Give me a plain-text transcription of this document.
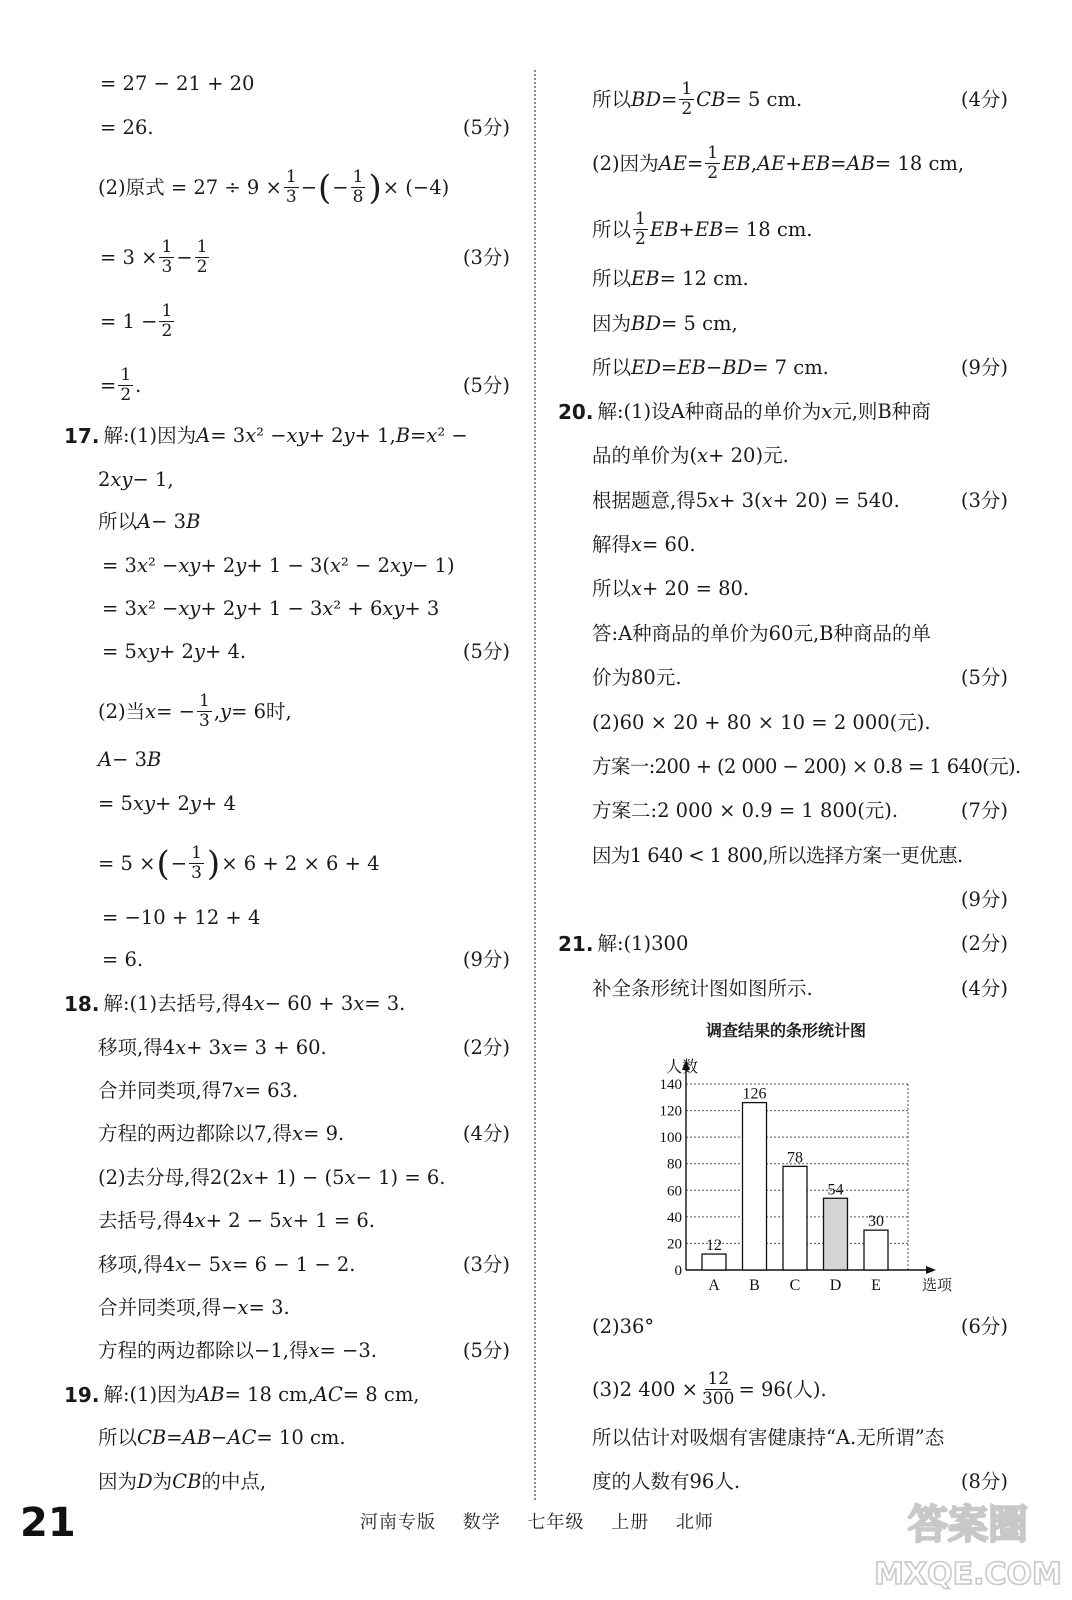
= 27 − 21 + 20
= 26.	(5分)
(2)原式 = $27 \div 9 \times \frac{1}{3}$ − ( − $\frac{1}{8}$ ) × (−4)
= $3 \times \frac{1}{3} - \frac{1}{2}$	(3分)
= $1 - \frac{1}{2}$
= $\frac{1}{2}$ .	(5分)
17. 解:(1)因为 A = 3 x ² − xy + 2 y + 1, B = x ² −
2 xy − 1,
所以 A − 3 B
= 3 x ² − xy + 2 y + 1 − 3( x ² − 2 xy − 1)
= 3 x ² − xy + 2 y + 1 − 3 x ² + 6 xy + 3
= 5 xy + 2 y + 4.	(5分)
(2)当 x = − $\frac{1}{3}$ , y = 6时,
A − 3 B
= 5 xy + 2 y + 4
= 5 × ( − $\frac{1}{3}$ ) × 6 + 2 × 6 + 4
= −10 + 12 + 4
= 6.	(9分)
18. 解:(1)去括号,得4 x − 60 + 3 x = 3.
移项,得4 x + 3 x = 3 + 60.	(2分)
合并同类项,得7 x = 63.
方程的两边都除以7,得 x = 9.	(4分)
(2)去分母,得2(2 x + 1) − (5 x − 1) = 6.
去括号,得4 x + 2 − 5 x + 1 = 6.
移项,得4 x − 5 x = 6 − 1 − 2.	(3分)
合并同类项,得− x = 3.
方程的两边都除以−1,得 x = −3.	(5分)
19. 解:(1)因为 AB = 18 cm, AC = 8 cm,
所以 CB = AB − AC = 10 cm.
因为 D 为 CB 的中点,
所以 BD = $\frac{1}{2}$ CB = 5 cm.	(4分)
(2)因为 AE = $\frac{1}{2}$ EB , AE + EB = AB = 18 cm,
所以 $\frac{1}{2}$ EB + EB = 18 cm.
所以 EB = 12 cm.
因为 BD = 5 cm,
所以 ED = EB − BD = 7 cm.	(9分)
20. 解:(1)设A种商品的单价为 x 元,则B种商
品的单价为( x + 20)元.
根据题意,得5 x + 3( x + 20) = 540.	(3分)
解得 x = 60.
所以 x + 20 = 80.
答:A种商品的单价为60元,B种商品的单
价为80元.	(5分)
(2)60 × 20 + 80 × 10 = 2 000(元).
方案一:200 + (2 000 − 200) × 0.8 = 1 640(元).
方案二:2 000 × 0.9 = 1 800(元).	(7分)
因为1 640 < 1 800,所以选择方案一更优惠.
(9分)
21. 解:(1)300	(2分)
补全条形统计图如图所示.	(4分)
(2)36°	(6分)
(3)2 $400 \times \frac{12}{300} = 96$(人).
所以估计对吸烟有害健康持“A.无所谓”态
度的人数有96人.	(8分)
调查结果的条形统计图
0
20
40
60
80
100
120
140
人数
选项
12
A
126
B
78
C
54
D
30
E
21	河南专版 数学 七年级 上册 北师	答案圈
MXQE.COM
